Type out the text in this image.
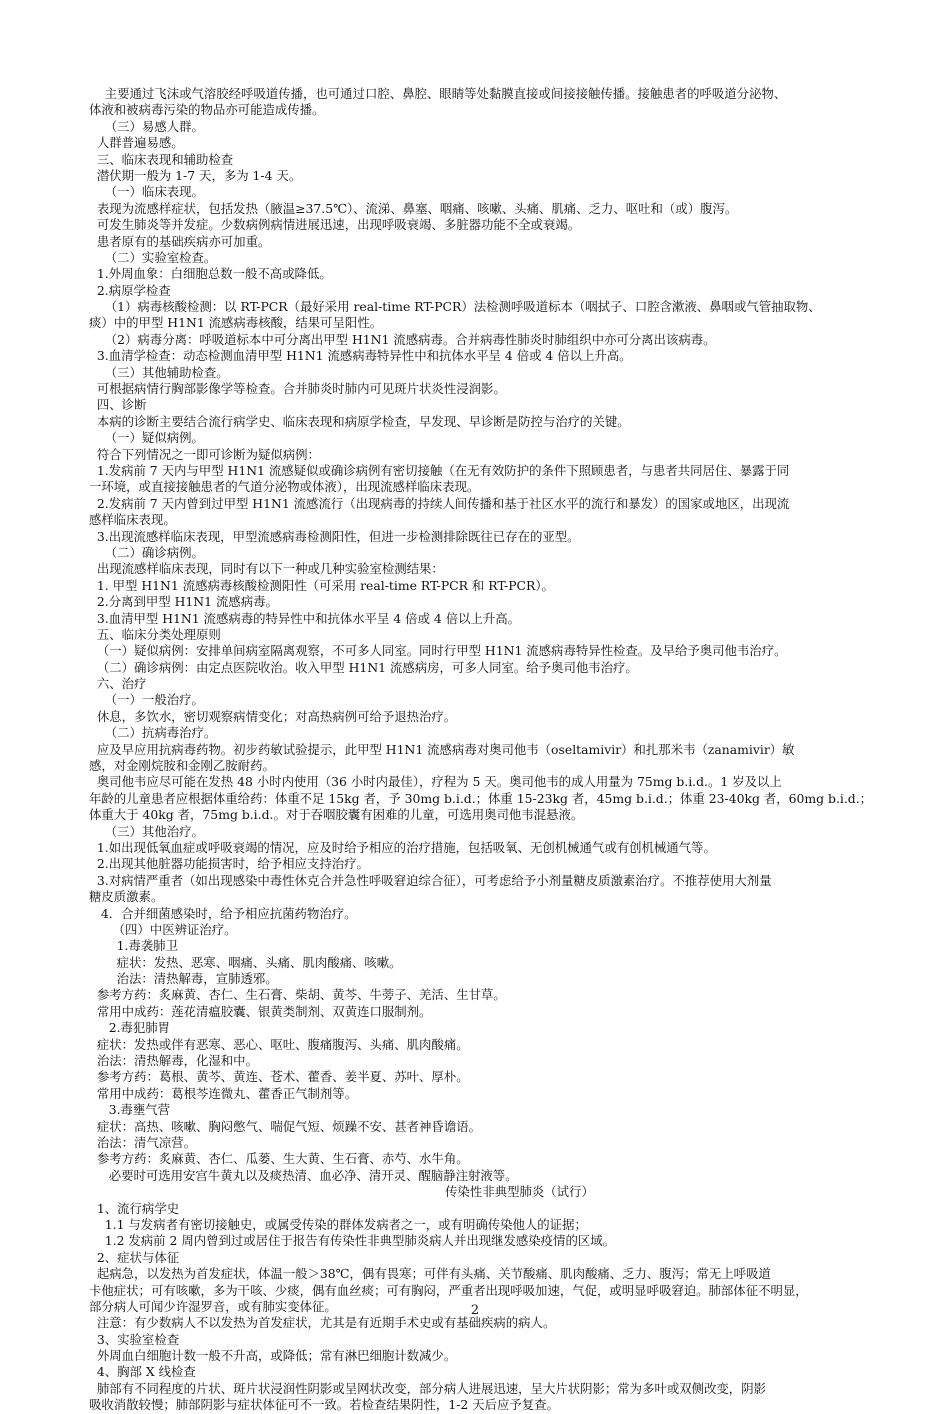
主要通过飞沫或气溶胶经呼吸道传播，也可通过口腔、鼻腔、眼睛等处黏膜直接或间接接触传播。接触患者的呼吸道分泌物、
体液和被病毒污染的物品亦可能造成传播。
（三）易感人群。
人群普遍易感。
三、临床表现和辅助检查
潜伏期一般为 1-7 天，多为 1-4 天。
（一）临床表现。
表现为流感样症状，包括发热（腋温≥37.5℃）、流涕、鼻塞、咽痛、咳嗽、头痛、肌痛、乏力、呕吐和（或）腹泻。
可发生肺炎等并发症。少数病例病情进展迅速，出现呼吸衰竭、多脏器功能不全或衰竭。
患者原有的基础疾病亦可加重。
（二）实验室检查。
1.外周血象：白细胞总数一般不高或降低。
2.病原学检查
（1）病毒核酸检测：以 RT-PCR（最好采用 real-time RT-PCR）法检测呼吸道标本（咽拭子、口腔含漱液、鼻咽或气管抽取物、
痰）中的甲型 H1N1 流感病毒核酸，结果可呈阳性。
（2）病毒分离：呼吸道标本中可分离出甲型 H1N1 流感病毒。合并病毒性肺炎时肺组织中亦可分离出该病毒。
3.血清学检查：动态检测血清甲型 H1N1 流感病毒特异性中和抗体水平呈 4 倍或 4 倍以上升高。
（三）其他辅助检查。
可根据病情行胸部影像学等检查。合并肺炎时肺内可见斑片状炎性浸润影。
四、诊断
本病的诊断主要结合流行病学史、临床表现和病原学检查，早发现、早诊断是防控与治疗的关键。
（一）疑似病例。
符合下列情况之一即可诊断为疑似病例：
1.发病前 7 天内与甲型 H1N1 流感疑似或确诊病例有密切接触（在无有效防护的条件下照顾患者，与患者共同居住、暴露于同
一环境，或直接接触患者的气道分泌物或体液），出现流感样临床表现。
2.发病前 7 天内曾到过甲型 H1N1 流感流行（出现病毒的持续人间传播和基于社区水平的流行和暴发）的国家或地区，出现流
感样临床表现。
3.出现流感样临床表现，甲型流感病毒检测阳性，但进一步检测排除既往已存在的亚型。
（二）确诊病例。
出现流感样临床表现，同时有以下一种或几种实验室检测结果：
1. 甲型 H1N1 流感病毒核酸检测阳性（可采用 real-time RT-PCR 和 RT-PCR）。
2.分离到甲型 H1N1 流感病毒。
3.血清甲型 H1N1 流感病毒的特异性中和抗体水平呈 4 倍或 4 倍以上升高。
五、临床分类处理原则
（一）疑似病例：安排单间病室隔离观察，不可多人同室。同时行甲型 H1N1 流感病毒特异性检查。及早给予奥司他韦治疗。
（二）确诊病例：由定点医院收治。收入甲型 H1N1 流感病房，可多人同室。给予奥司他韦治疗。
六、治疗
（一）一般治疗。
休息，多饮水，密切观察病情变化；对高热病例可给予退热治疗。
（二）抗病毒治疗。
应及早应用抗病毒药物。初步药敏试验提示，此甲型 H1N1 流感病毒对奥司他韦（oseltamivir）和扎那米韦（zanamivir）敏
感，对金刚烷胺和金刚乙胺耐药。
奥司他韦应尽可能在发热 48 小时内使用（36 小时内最佳），疗程为 5 天。奥司他韦的成人用量为 75mg b.i.d.。1 岁及以上
年龄的儿童患者应根据体重给药：体重不足 15kg 者，予 30mg b.i.d.；体重 15-23kg 者，45mg b.i.d.；体重 23-40kg 者，60mg b.i.d.；
体重大于 40kg 者，75mg b.i.d.。对于吞咽胶囊有困难的儿童，可选用奥司他韦混悬液。
（三）其他治疗。
1.如出现低氧血症或呼吸衰竭的情况，应及时给予相应的治疗措施，包括吸氧、无创机械通气或有创机械通气等。
2.出现其他脏器功能损害时，给予相应支持治疗。
3.对病情严重者（如出现感染中毒性休克合并急性呼吸窘迫综合征），可考虑给予小剂量糖皮质激素治疗。不推荐使用大剂量
糖皮质激素。
4．合并细菌感染时，给予相应抗菌药物治疗。
（四）中医辨证治疗。
1.毒袭肺卫
症状：发热、恶寒、咽痛、头痛、肌肉酸痛、咳嗽。
治法：清热解毒，宣肺透邪。
参考方药：炙麻黄、杏仁、生石膏、柴胡、黄芩、牛蒡子、羌活、生甘草。
常用中成药：莲花清瘟胶囊、银黄类制剂、双黄连口服制剂。
2.毒犯肺胃
症状：发热或伴有恶寒、恶心、呕吐、腹痛腹泻、头痛、肌肉酸痛。
治法：清热解毒，化湿和中。
参考方药：葛根、黄芩、黄连、苍术、藿香、姜半夏、苏叶、厚朴。
常用中成药：葛根芩连微丸、藿香正气制剂等。
3.毒壅气营
症状：高热、咳嗽、胸闷憋气、喘促气短、烦躁不安、甚者神昏谵语。
治法：清气凉营。
参考方药：炙麻黄、杏仁、瓜蒌、生大黄、生石膏、赤芍、水牛角。
必要时可选用安宫牛黄丸以及痰热清、血必净、清开灵、醒脑静注射液等。
传染性非典型肺炎（试行）
1、流行病学史
1.1 与发病者有密切接触史，或属受传染的群体发病者之一，或有明确传染他人的证据；
1.2 发病前 2 周内曾到过或居住于报告有传染性非典型肺炎病人并出现继发感染疫情的区域。
2、症状与体征
起病急，以发热为首发症状，体温一般＞38℃，偶有畏寒；可伴有头痛、关节酸痛、肌肉酸痛、乏力、腹泻；常无上呼吸道
卡他症状；可有咳嗽，多为干咳、少痰，偶有血丝痰；可有胸闷，严重者出现呼吸加速，气促，或明显呼吸窘迫。肺部体征不明显，
部分病人可闻少许湿罗音，或有肺实变体征。
注意：有少数病人不以发热为首发症状，尤其是有近期手术史或有基础疾病的病人。
3、实验室检查
外周血白细胞计数一般不升高，或降低；常有淋巴细胞计数减少。
4、胸部 X 线检查
肺部有不同程度的片状、斑片状浸润性阴影或呈网状改变，部分病人进展迅速，呈大片状阴影；常为多叶或双侧改变，阴影
吸收消散较慢；肺部阴影与症状体征可不一致。若检查结果阴性，1-2 天后应予复查。
2
